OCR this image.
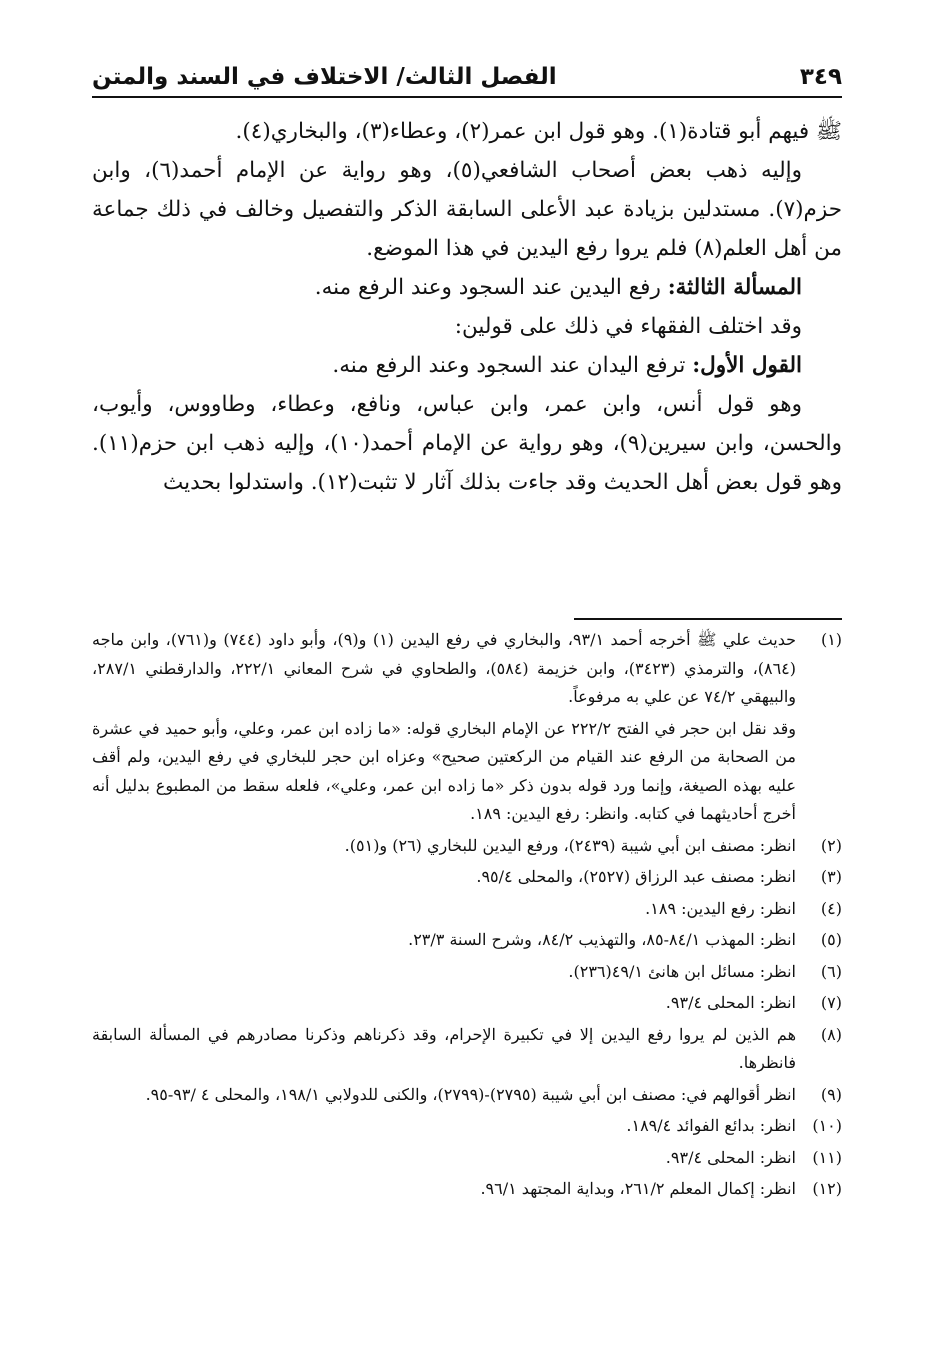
الفصل الثالث/ الاختلاف في السند والمتن	٣٤٩

ﷺ فيهم أبو قتادة(١). وهو قول ابن عمر(٢)، وعطاء(٣)، والبخاري(٤).

وإليه ذهب بعض أصحاب الشافعي(٥)، وهو رواية عن الإمام أحمد(٦)، وابن حزم(٧). مستدلين بزيادة عبد الأعلى السابقة الذكر والتفصيل وخالف في ذلك جماعة من أهل العلم(٨) فلم يروا رفع اليدين في هذا الموضع.

المسألة الثالثة: رفع اليدين عند السجود وعند الرفع منه.

وقد اختلف الفقهاء في ذلك على قولين:

القول الأول: ترفع اليدان عند السجود وعند الرفع منه.

وهو قول أنس، وابن عمر، وابن عباس، ونافع، وعطاء، وطاووس، وأيوب، والحسن، وابن سيرين(٩)، وهو رواية عن الإمام أحمد(١٠)، وإليه ذهب ابن حزم(١١). وهو قول بعض أهل الحديث وقد جاءت بذلك آثار لا تثبت(١٢). واستدلوا بحديث

(١)حديث علي ﷺ أخرجه أحمد ٩٣/١، والبخاري في رفع اليدين (١) و(٩)، وأبو داود (٧٤٤) و(٧٦١)، وابن ماجه (٨٦٤)، والترمذي (٣٤٢٣)، وابن خزيمة (٥٨٤)، والطحاوي في شرح المعاني ٢٢٢/١، والدارقطني ٢٨٧/١، والبيهقي ٧٤/٢ عن علي به مرفوعاً.

وقد نقل ابن حجر في الفتح ٢٢٢/٢ عن الإمام البخاري قوله: «ما زاده ابن عمر، وعلي، وأبو حميد في عشرة من الصحابة من الرفع عند القيام من الركعتين صحيح» وعزاه ابن حجر للبخاري في رفع اليدين، ولم أقف عليه بهذه الصيغة، وإنما ورد قوله بدون ذكر «ما زاده ابن عمر، وعلي»، فلعله سقط من المطبوع بدليل أنه أخرج أحاديثهما في كتابه. وانظر: رفع اليدين: ١٨٩.

(٢)انظر: مصنف ابن أبي شيبة (٢٤٣٩)، ورفع اليدين للبخاري (٢٦) و(٥١).

(٣)انظر: مصنف عبد الرزاق (٢٥٢٧)، والمحلى ٩٥/٤.

(٤)انظر: رفع اليدين: ١٨٩.

(٥)انظر: المهذب ٨٤/١-٨٥، والتهذيب ٨٤/٢، وشرح السنة ٢٣/٣.

(٦)انظر: مسائل ابن هانئ ٤٩/١(٢٣٦).

(٧)انظر: المحلى ٩٣/٤.

(٨)هم الذين لم يروا رفع اليدين إلا في تكبيرة الإحرام، وقد ذكرناهم وذكرنا مصادرهم في المسألة السابقة فانظرها.

(٩)انظر أقوالهم في: مصنف ابن أبي شيبة (٢٧٩٥)-(٢٧٩٩)، والكنى للدولابي ١٩٨/١، والمحلى ٤ /٩٣-٩٥.

(١٠)انظر: بدائع الفوائد ١٨٩/٤.

(١١)انظر: المحلى ٩٣/٤.

(١٢)انظر: إكمال المعلم ٢٦١/٢، وبداية المجتهد ٩٦/١.
